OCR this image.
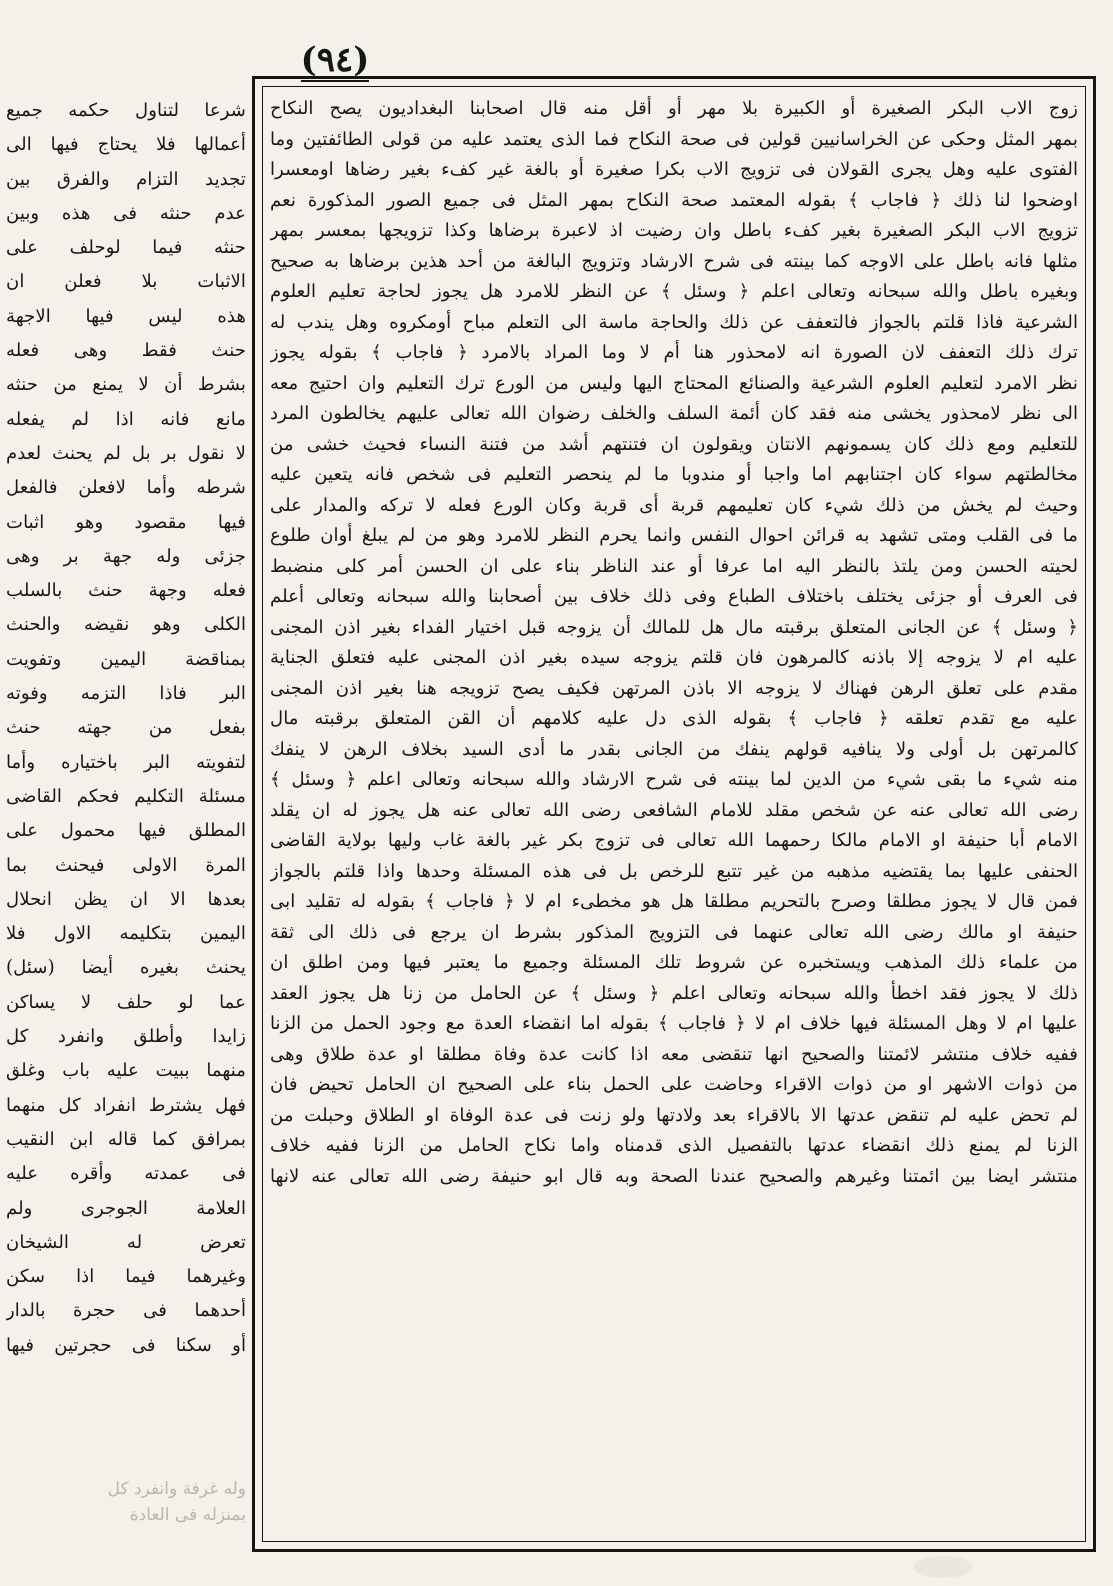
(٩٤)
زوج الاب البكر الصغيرة أو الكبيرة بلا مهر أو أقل منه قال اصحابنا البغداديون يصح النكاح
بمهر المثل وحكى عن الخراسانيين قولين فى صحة النكاح فما الذى يعتمد عليه من قولى الطائفتين وما
الفتوى عليه وهل يجرى القولان فى تزويج الاب بكرا صغيرة أو بالغة غير كفء بغير رضاها اومعسرا
اوضحوا لنا ذلك ﴿ فاجاب ﴾ بقوله المعتمد صحة النكاح بمهر المثل فى جميع الصور المذكورة نعم
تزويج الاب البكر الصغيرة بغير كفء باطل وان رضيت اذ لاعبرة برضاها وكذا تزويجها بمعسر بمهر
مثلها فانه باطل على الاوجه كما بينته فى شرح الارشاد وتزويج البالغة من أحد هذين برضاها به صحيح
وبغيره باطل والله سبحانه وتعالى اعلم ﴿ وسئل ﴾ عن النظر للامرد هل يجوز لحاجة تعليم العلوم
الشرعية فاذا قلتم بالجواز فالتعفف عن ذلك والحاجة ماسة الى التعلم مباح أومكروه وهل يندب له
ترك ذلك التعفف لان الصورة انه لامحذور هنا أم لا وما المراد بالامرد ﴿ فاجاب ﴾ بقوله يجوز
نظر الامرد لتعليم العلوم الشرعية والصنائع المحتاج اليها وليس من الورع ترك التعليم وان احتيج معه
الى نظر لامحذور يخشى منه فقد كان أئمة السلف والخلف رضوان الله تعالى عليهم يخالطون المرد
للتعليم ومع ذلك كان يسمونهم الانتان ويقولون ان فتنتهم أشد من فتنة النساء فحيث خشى من
مخالطتهم سواء كان اجتنابهم اما واجبا أو مندوبا ما لم ينحصر التعليم فى شخص فانه يتعين عليه
وحيث لم يخش من ذلك شيء كان تعليمهم قربة أى قربة وكان الورع فعله لا تركه والمدار على
ما فى القلب ومتى تشهد به قرائن احوال النفس وانما يحرم النظر للامرد وهو من لم يبلغ أوان طلوع
لحيته الحسن ومن يلتذ بالنظر اليه اما عرفا أو عند الناظر بناء على ان الحسن أمر كلى منضبط
فى العرف أو جزئى يختلف باختلاف الطباع وفى ذلك خلاف بين أصحابنا والله سبحانه وتعالى أعلم
﴿ وسئل ﴾ عن الجانى المتعلق برقبته مال هل للمالك أن يزوجه قبل اختيار الفداء بغير اذن المجنى
عليه ام لا يزوجه إلا باذنه كالمرهون فان قلتم يزوجه سيده بغير اذن المجنى عليه فتعلق الجناية
مقدم على تعلق الرهن فهناك لا يزوجه الا باذن المرتهن فكيف يصح تزويجه هنا بغير اذن المجنى
عليه مع تقدم تعلقه ﴿ فاجاب ﴾ بقوله الذى دل عليه كلامهم أن القن المتعلق برقبته مال
كالمرتهن بل أولى ولا ينافيه قولهم ينفك من الجانى بقدر ما أدى السيد بخلاف الرهن لا ينفك
منه شيء ما بقى شيء من الدين لما بينته فى شرح الارشاد والله سبحانه وتعالى اعلم ﴿ وسئل ﴾
رضى الله تعالى عنه عن شخص مقلد للامام الشافعى رضى الله تعالى عنه هل يجوز له ان يقلد
الامام أبا حنيفة او الامام مالكا رحمهما الله تعالى فى تزوج بكر غير بالغة غاب وليها بولاية القاضى
الحنفى عليها بما يقتضيه مذهبه من غير تتبع للرخص بل فى هذه المسئلة وحدها واذا قلتم بالجواز
فمن قال لا يجوز مطلقا وصرح بالتحريم مطلقا هل هو مخطىء ام لا ﴿ فاجاب ﴾ بقوله له تقليد ابى
حنيفة او مالك رضى الله تعالى عنهما فى التزويج المذكور بشرط ان يرجع فى ذلك الى ثقة
من علماء ذلك المذهب ويستخبره عن شروط تلك المسئلة وجميع ما يعتبر فيها ومن اطلق ان
ذلك لا يجوز فقد اخطأ والله سبحانه وتعالى اعلم ﴿ وسئل ﴾ عن الحامل من زنا هل يجوز العقد
عليها ام لا وهل المسئلة فيها خلاف ام لا ﴿ فاجاب ﴾ بقوله اما انقضاء العدة مع وجود الحمل من الزنا
ففيه خلاف منتشر لائمتنا والصحيح انها تنقضى معه اذا كانت عدة وفاة مطلقا او عدة طلاق وهى
من ذوات الاشهر او من ذوات الاقراء وحاضت على الحمل بناء على الصحيح ان الحامل تحيض فان
لم تحض عليه لم تنقض عدتها الا بالاقراء بعد ولادتها ولو زنت فى عدة الوفاة او الطلاق وحبلت من
الزنا لم يمنع ذلك انقضاء عدتها بالتفصيل الذى قدمناه واما نكاح الحامل من الزنا ففيه خلاف
منتشر ايضا بين ائمتنا وغيرهم والصحيح عندنا الصحة وبه قال ابو حنيفة رضى الله تعالى عنه لانها
شرعا لتناول حكمه جميع
أعمالها فلا يحتاج فيها الى
تجديد التزام والفرق بين
عدم حنثه فى هذه وبين
حنثه فيما لوحلف على
الاثبات بلا فعلن ان
هذه ليس فيها الاجهة
حنث فقط وهى فعله
بشرط أن لا يمنع من حنثه
مانع فانه اذا لم يفعله
لا نقول بر بل لم يحنث لعدم
شرطه وأما لافعلن فالفعل
فيها مقصود وهو اثبات
جزئى وله جهة بر وهى
فعله وجهة حنث بالسلب
الكلى وهو نقيضه والحنث
بمناقضة اليمين وتفويت
البر فاذا التزمه وفوته
بفعل من جهته حنث
لتفويته البر باختياره وأما
مسئلة التكليم فحكم القاضى
المطلق فيها محمول على
المرة الاولى فيحنث بما
بعدها الا ان يظن انحلال
اليمين بتكليمه الاول فلا
يحنث بغيره أيضا (سئل)
عما لو حلف لا يساكن
زايدا وأطلق وانفرد كل
منهما ببيت عليه باب وغلق
فهل يشترط انفراد كل منهما
بمرافق كما قاله ابن النقيب
فى عمدته وأقره عليه
العلامة الجوجرى ولم
تعرض له الشيخان
وغيرهما فيما اذا سكن
أحدهما فى حجرة بالدار
أو سكنا فى حجرتين فيها
وله غرفة وانفرد كل
بمنزله فى العادة
